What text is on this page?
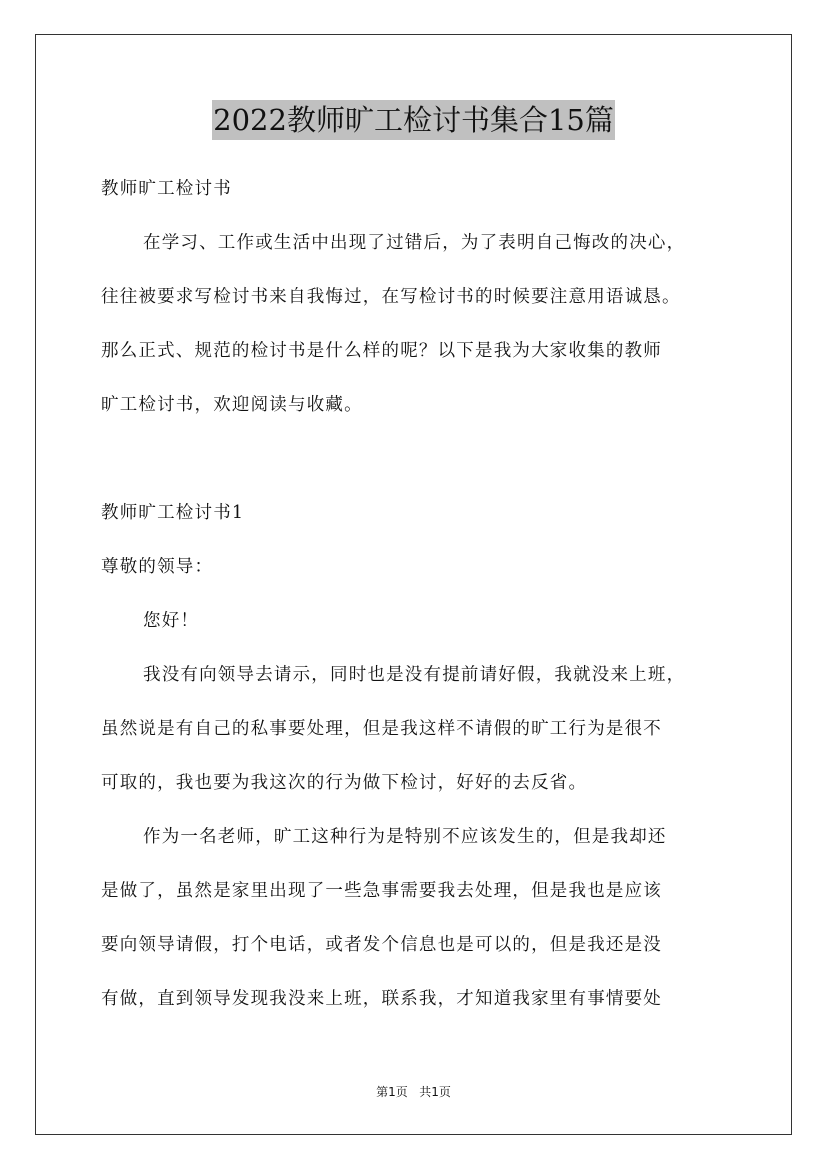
2022教师旷工检讨书集合15篇
教师旷工检讨书
在学习、工作或生活中出现了过错后，为了表明自己悔改的决心，
往往被要求写检讨书来自我悔过，在写检讨书的时候要注意用语诚恳。
那么正式、规范的检讨书是什么样的呢？以下是我为大家收集的教师
旷工检讨书，欢迎阅读与收藏。
教师旷工检讨书1
尊敬的领导：
您好！
我没有向领导去请示，同时也是没有提前请好假，我就没来上班，
虽然说是有自己的私事要处理，但是我这样不请假的旷工行为是很不
可取的，我也要为我这次的行为做下检讨，好好的去反省。
作为一名老师，旷工这种行为是特别不应该发生的，但是我却还
是做了，虽然是家里出现了一些急事需要我去处理，但是我也是应该
要向领导请假，打个电话，或者发个信息也是可以的，但是我还是没
有做，直到领导发现我没来上班，联系我，才知道我家里有事情要处
第1页 共1页
